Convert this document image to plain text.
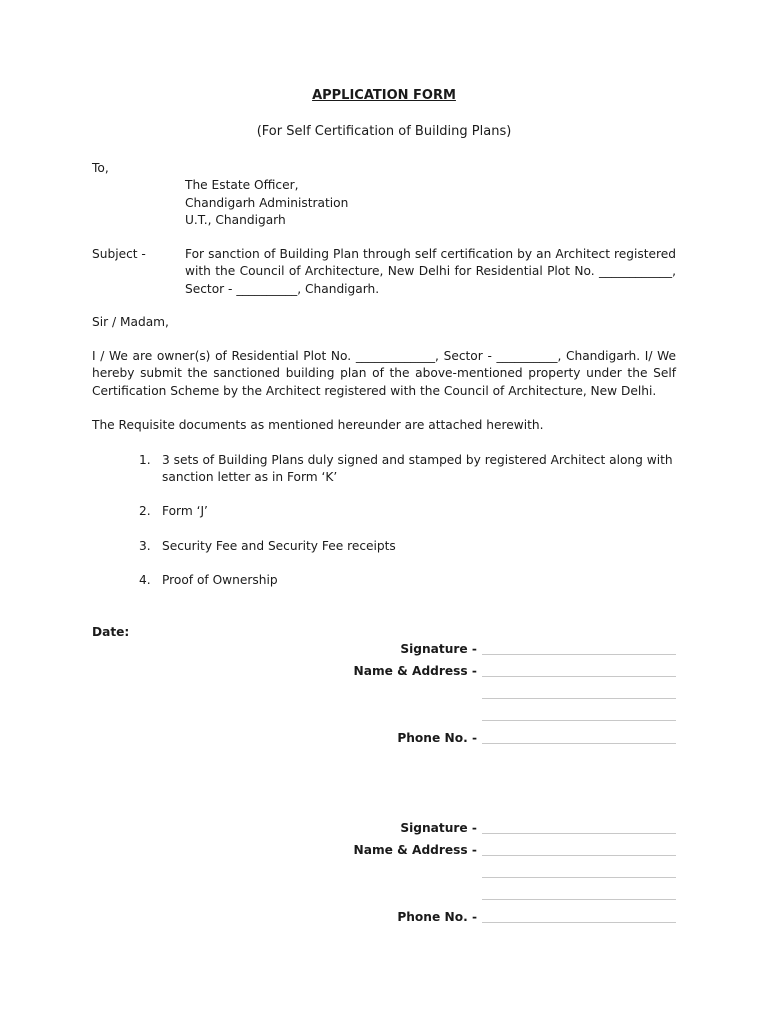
APPLICATION FORM
(For Self Certification of Building Plans)
To,
The Estate Officer,
Chandigarh Administration
U.T., Chandigarh
Subject -	For sanction of Building Plan through self certification by an Architect registered
with the Council of Architecture, New Delhi for Residential Plot No. ____________,
Sector - __________, Chandigarh.
Sir / Madam,
I / We are owner(s) of Residential Plot No. _____________, Sector - __________, Chandigarh. I/ We
hereby submit the sanctioned building plan of the above-mentioned property under the Self
Certification Scheme by the Architect registered with the Council of Architecture, New Delhi.
The Requisite documents as mentioned hereunder are attached herewith.
1. 3 sets of Building Plans duly signed and stamped by registered Architect along with
sanction letter as in Form ‘K’
2. Form ‘J’
3. Security Fee and Security Fee receipts
4. Proof of Ownership
Date:
Signature -
Name & Address -
Phone No. -
Signature -
Name & Address -
Phone No. -
